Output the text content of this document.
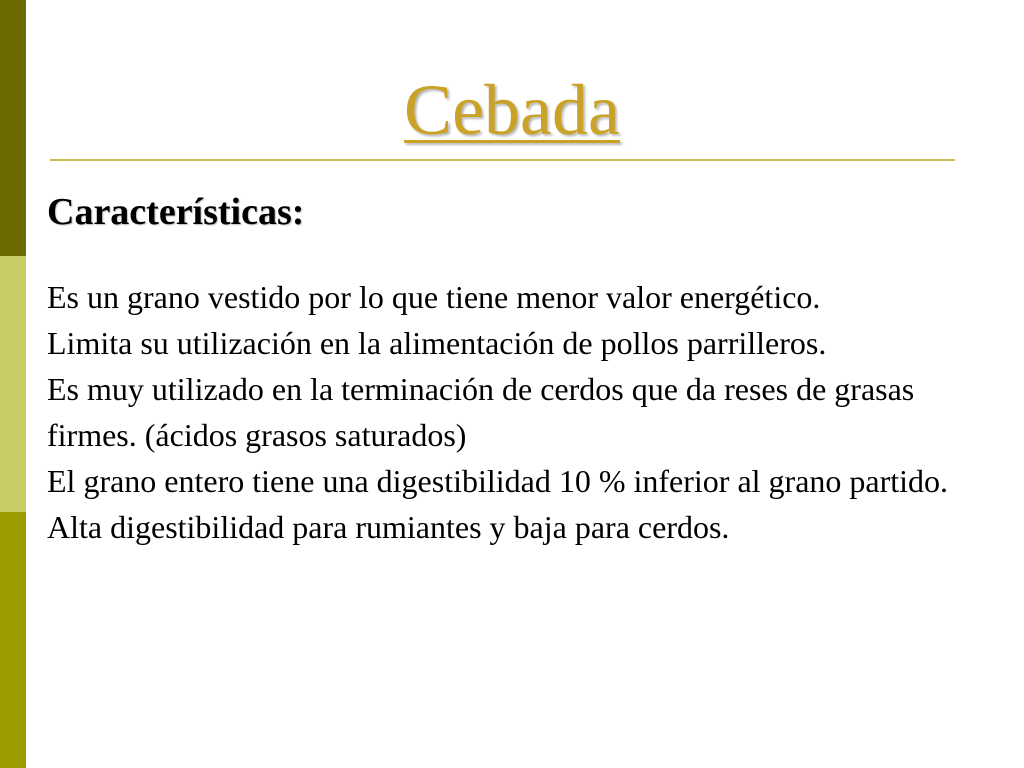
Cebada
Características:

Es un grano vestido por lo que tiene menor valor energético.

Limita su utilización en la alimentación de pollos parrilleros.

Es muy utilizado en la terminación de cerdos que da reses de grasas firmes. (ácidos grasos saturados)

El grano entero tiene una digestibilidad 10 % inferior al grano partido.

Alta digestibilidad para rumiantes y baja para cerdos.
